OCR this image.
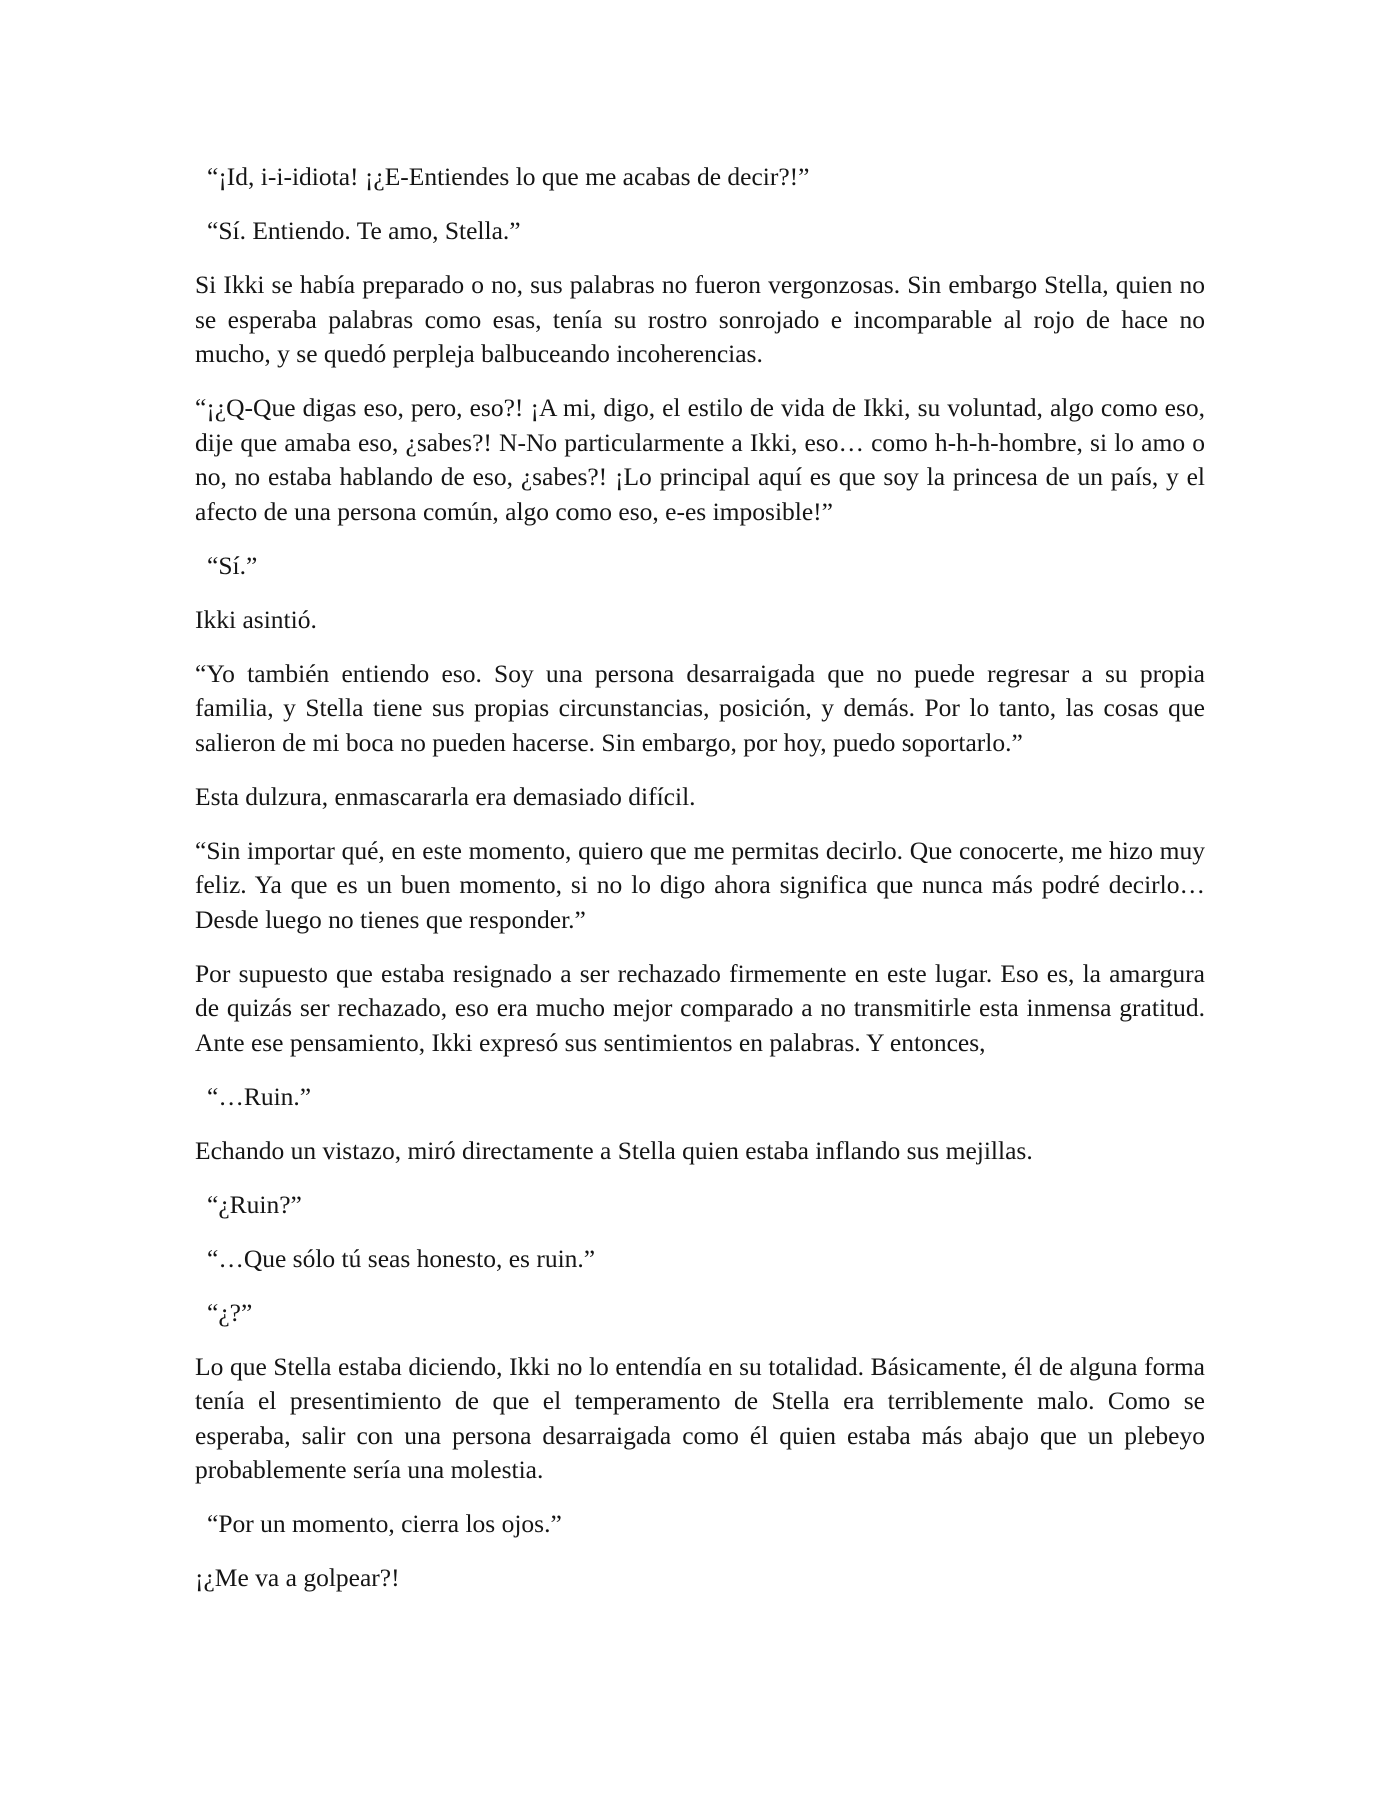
“¡Id, i-i-idiota! ¡¿E-Entiendes lo que me acabas de decir?!”

“Sí. Entiendo. Te amo, Stella.”

Si Ikki se había preparado o no, sus palabras no fueron vergonzosas. Sin embargo Stella, quien no se esperaba palabras como esas, tenía su rostro sonrojado e incomparable al rojo de hace no mucho, y se quedó perpleja balbuceando incoherencias.

“¡¿Q-Que digas eso, pero, eso?! ¡A mi, digo, el estilo de vida de Ikki, su voluntad, algo como eso, dije que amaba eso, ¿sabes?! N-No particularmente a Ikki, eso… como h-h-h-hombre, si lo amo o no, no estaba hablando de eso, ¿sabes?! ¡Lo principal aquí es que soy la princesa de un país, y el afecto de una persona común, algo como eso, e-es imposible!”

“Sí.”

Ikki asintió.

“Yo también entiendo eso. Soy una persona desarraigada que no puede regresar a su propia familia, y Stella tiene sus propias circunstancias, posición, y demás. Por lo tanto, las cosas que salieron de mi boca no pueden hacerse. Sin embargo, por hoy, puedo soportarlo.”

Esta dulzura, enmascararla era demasiado difícil.

“Sin importar qué, en este momento, quiero que me permitas decirlo. Que conocerte, me hizo muy feliz. Ya que es un buen momento, si no lo digo ahora significa que nunca más podré decirlo… Desde luego no tienes que responder.”

Por supuesto que estaba resignado a ser rechazado firmemente en este lugar. Eso es, la amargura de quizás ser rechazado, eso era mucho mejor comparado a no transmitirle esta inmensa gratitud. Ante ese pensamiento, Ikki expresó sus sentimientos en palabras. Y entonces,

“…Ruin.”

Echando un vistazo, miró directamente a Stella quien estaba inflando sus mejillas.

“¿Ruin?”

“…Que sólo tú seas honesto, es ruin.”

“¿?”

Lo que Stella estaba diciendo, Ikki no lo entendía en su totalidad. Básicamente, él de alguna forma tenía el presentimiento de que el temperamento de Stella era terriblemente malo. Como se esperaba, salir con una persona desarraigada como él quien estaba más abajo que un plebeyo probablemente sería una molestia.

“Por un momento, cierra los ojos.”

¡¿Me va a golpear?!
